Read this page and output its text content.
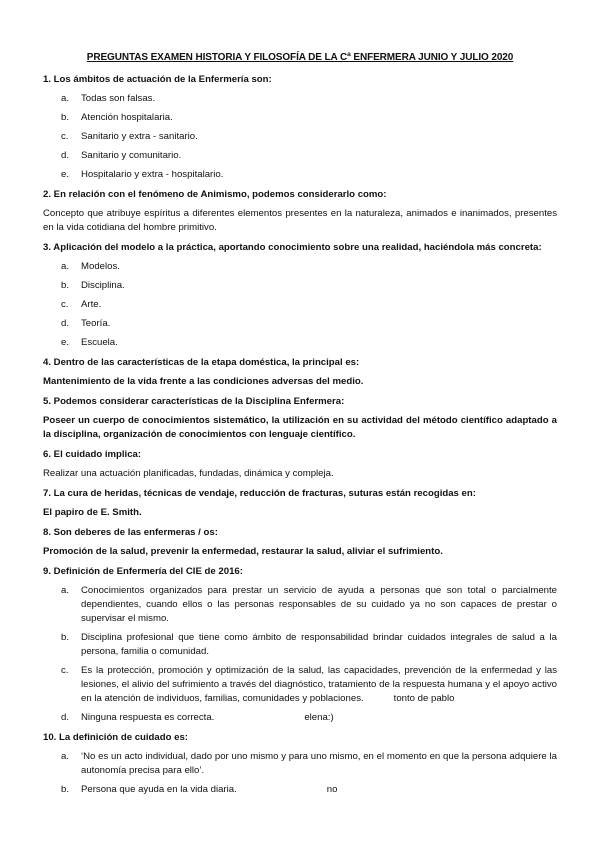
PREGUNTAS EXAMEN HISTORIA Y FILOSOFÍA DE LA Cª ENFERMERA JUNIO Y JULIO 2020
1. Los ámbitos de actuación de la Enfermería son:
a.	Todas son falsas.
b.	Atención hospitalaria.
c.	Sanitario y extra - sanitario.
d.	Sanitario y comunitario.
e.	Hospitalario y extra - hospitalario.
2. En relación con el fenómeno de Animismo, podemos considerarlo como:
Concepto que atribuye espíritus a diferentes elementos presentes en la naturaleza, animados e inanimados, presentes en la vida cotidiana del hombre primitivo.
3. Aplicación del modelo a la práctica, aportando conocimiento sobre una realidad, haciéndola más concreta:
a.	Modelos.
b.	Disciplina.
c.	Arte.
d.	Teoría.
e.	Escuela.
4. Dentro de las características de la etapa doméstica, la principal es:
Mantenimiento de la vida frente a las condiciones adversas del medio.
5. Podemos considerar características de la Disciplina Enfermera:
Poseer un cuerpo de conocimientos sistemático, la utilización en su actividad del método científico adaptado a la disciplina, organización de conocimientos con lenguaje científico.
6. El cuidado implica:
Realizar una actuación planificadas, fundadas, dinámica y compleja.
7. La cura de heridas, técnicas de vendaje, reducción de fracturas, suturas están recogidas en:
El papiro de E. Smith.
8. Son deberes de las enfermeras / os:
Promoción de la salud, prevenir la enfermedad, restaurar la salud, aliviar el sufrimiento.
9. Definición de Enfermería del CIE de 2016:
a.	Conocimientos organizados para prestar un servicio de ayuda a personas que son total o parcialmente dependientes, cuando ellos o las personas responsables de su cuidado ya no son capaces de prestar o supervisar el mismo.
b.	Disciplina profesional que tiene como ámbito de responsabilidad brindar cuidados integrales de salud a la persona, familia o comunidad.
c.	Es la protección, promoción y optimización de la salud, las capacidades, prevención de la enfermedad y las lesiones, el alivio del sufrimiento a través del diagnóstico, tratamiento de la respuesta humana y el apoyo activo en la atención de individuos, familias, comunidades y poblaciones.	tonto de pablo
d.	Ninguna respuesta es correcta.	elena:)
10. La definición de cuidado es:
a.	‘No es un acto individual, dado por uno mismo y para uno mismo, en el momento en que la persona adquiere la autonomía precisa para ello’.
b.	Persona que ayuda en la vida diaria.	no
